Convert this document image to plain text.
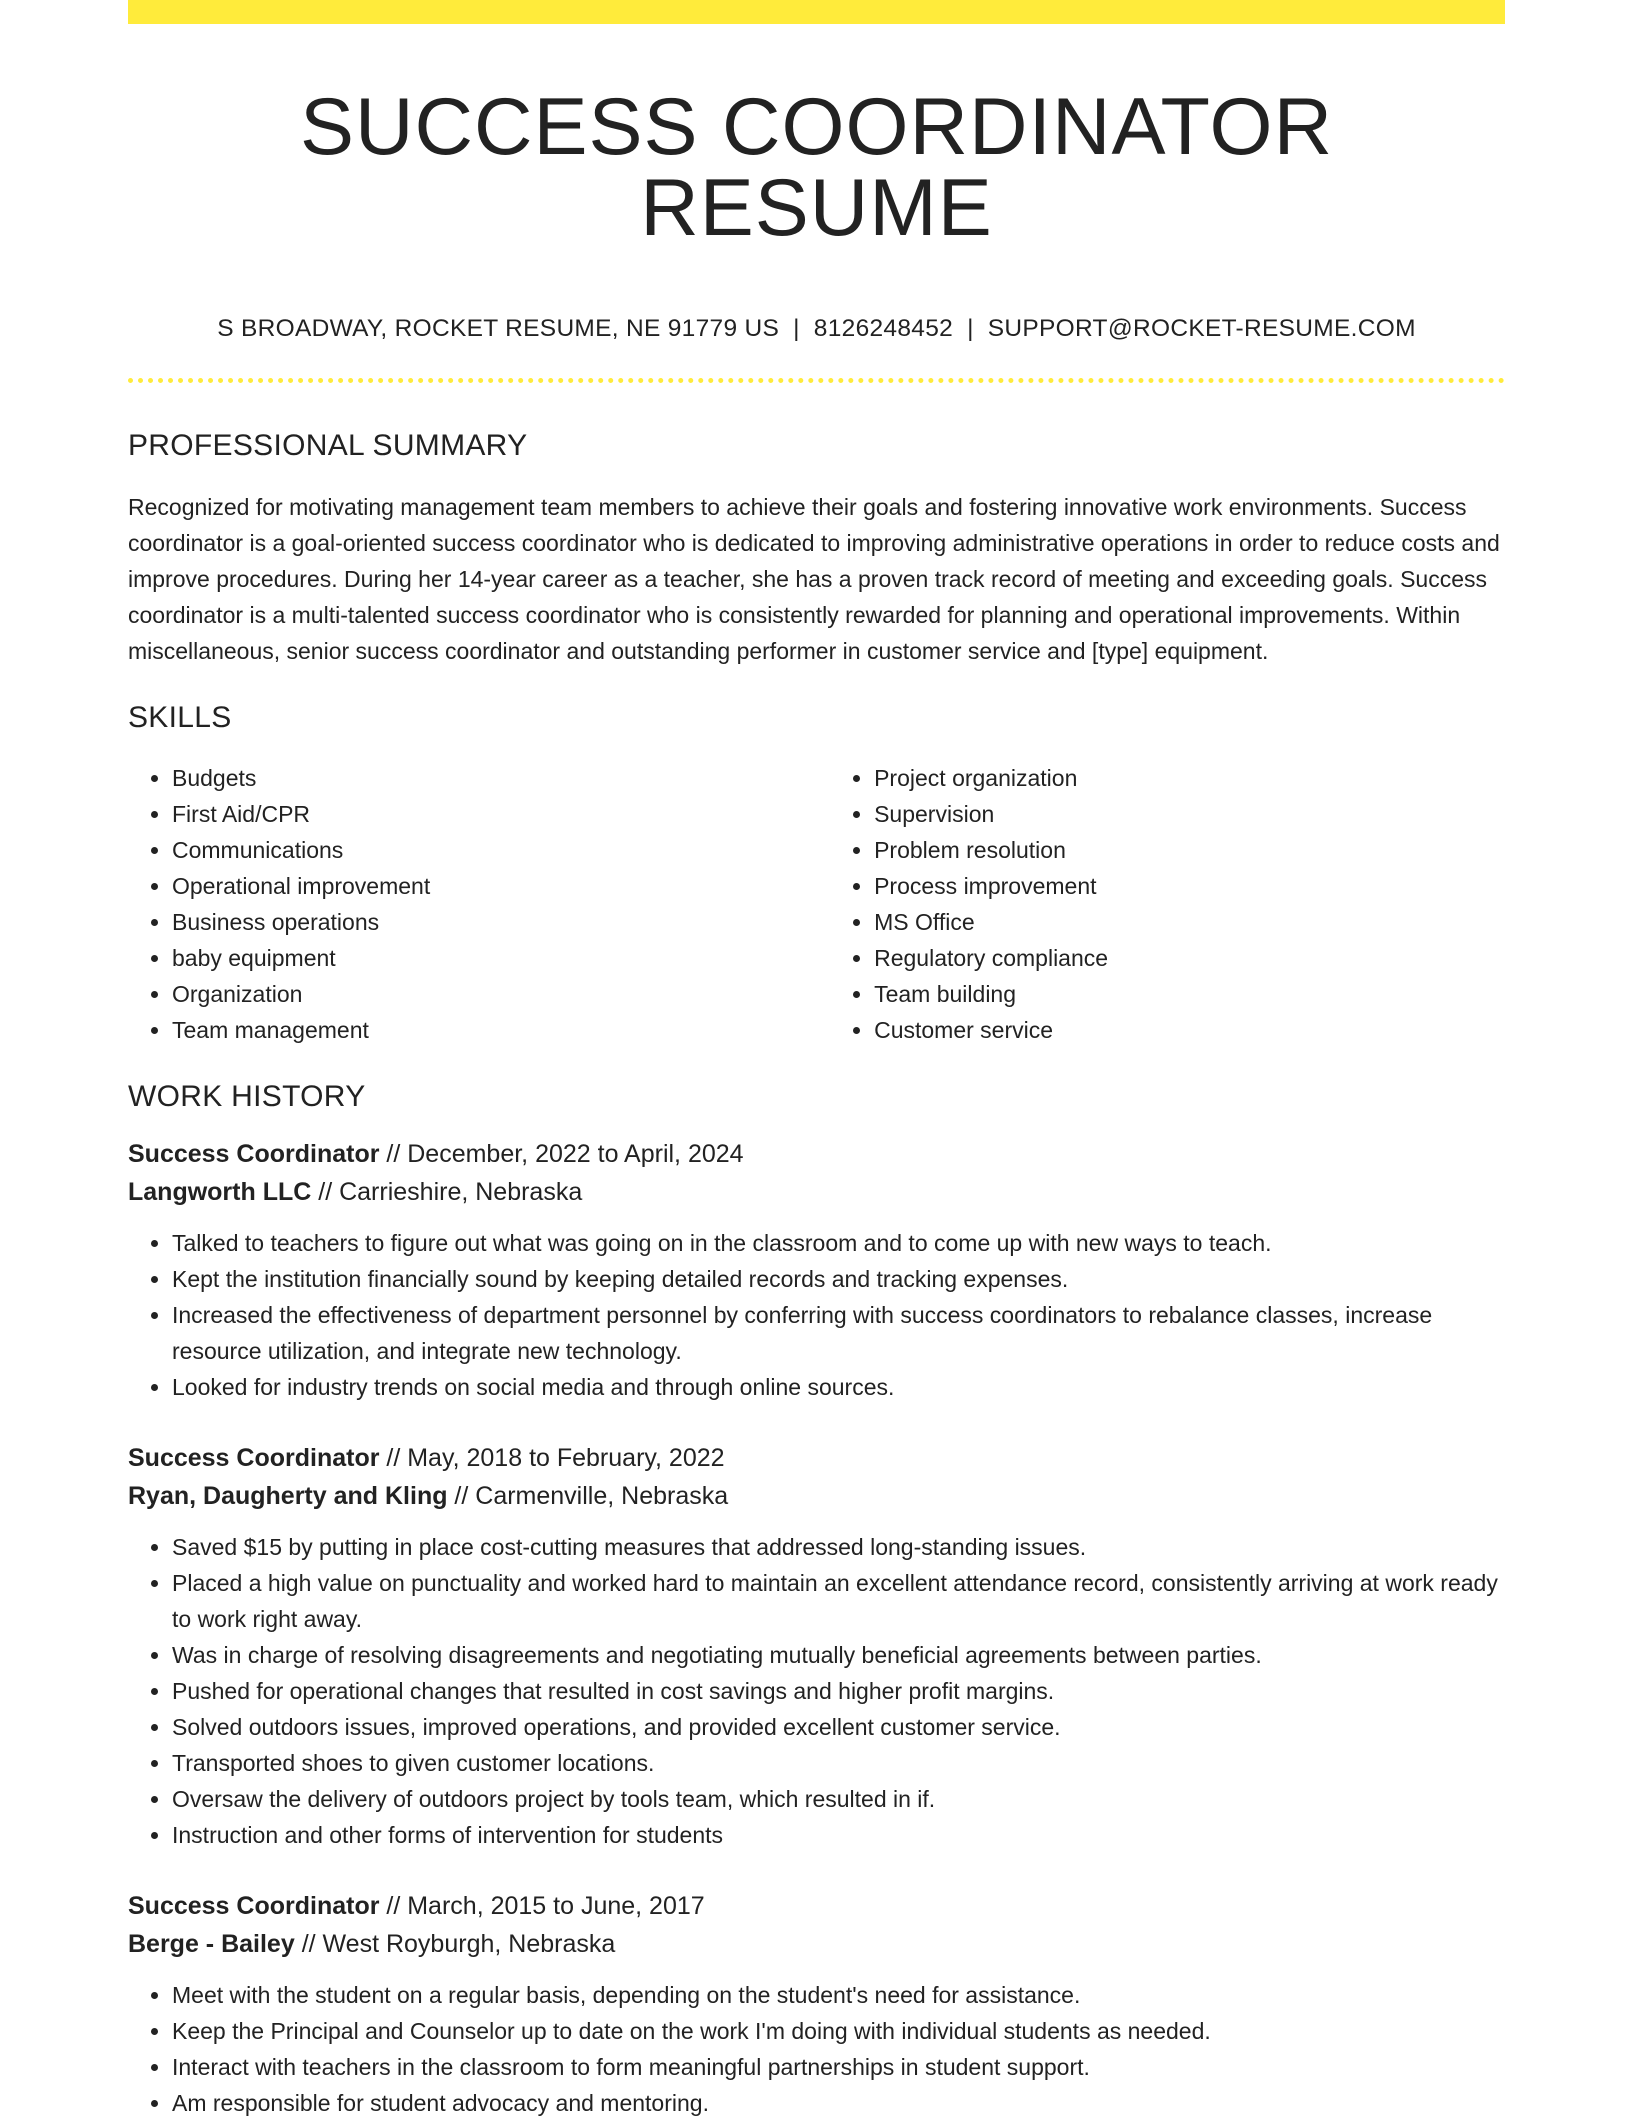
SUCCESS COORDINATOR RESUME
S BROADWAY, ROCKET RESUME, NE 91779 US | 8126248452 | SUPPORT@ROCKET-RESUME.COM
PROFESSIONAL SUMMARY

Recognized for motivating management team members to achieve their goals and fostering innovative work environments. Success coordinator is a goal-oriented success coordinator who is dedicated to improving administrative operations in order to reduce costs and improve procedures. During her 14-year career as a teacher, she has a proven track record of meeting and exceeding goals. Success coordinator is a multi-talented success coordinator who is consistently rewarded for planning and operational improvements. Within miscellaneous, senior success coordinator and outstanding performer in customer service and [type] equipment.

SKILLS
• Budgets
• First Aid/CPR
• Communications
• Operational improvement
• Business operations
• baby equipment
• Organization
• Team management
• Project organization
• Supervision
• Problem resolution
• Process improvement
• MS Office
• Regulatory compliance
• Team building
• Customer service
WORK HISTORY
Success Coordinator // December, 2022 to April, 2024
Langworth LLC // Carrieshire, Nebraska
• Talked to teachers to figure out what was going on in the classroom and to come up with new ways to teach.
• Kept the institution financially sound by keeping detailed records and tracking expenses.
• Increased the effectiveness of department personnel by conferring with success coordinators to rebalance classes, increase resource utilization, and integrate new technology.
• Looked for industry trends on social media and through online sources.
Success Coordinator // May, 2018 to February, 2022
Ryan, Daugherty and Kling // Carmenville, Nebraska
• Saved $15 by putting in place cost-cutting measures that addressed long-standing issues.
• Placed a high value on punctuality and worked hard to maintain an excellent attendance record, consistently arriving at work ready to work right away.
• Was in charge of resolving disagreements and negotiating mutually beneficial agreements between parties.
• Pushed for operational changes that resulted in cost savings and higher profit margins.
• Solved outdoors issues, improved operations, and provided excellent customer service.
• Transported shoes to given customer locations.
• Oversaw the delivery of outdoors project by tools team, which resulted in if.
• Instruction and other forms of intervention for students
Success Coordinator // March, 2015 to June, 2017
Berge - Bailey // West Royburgh, Nebraska
• Meet with the student on a regular basis, depending on the student's need for assistance.
• Keep the Principal and Counselor up to date on the work I'm doing with individual students as needed.
• Interact with teachers in the classroom to form meaningful partnerships in student support.
• Am responsible for student advocacy and mentoring.
